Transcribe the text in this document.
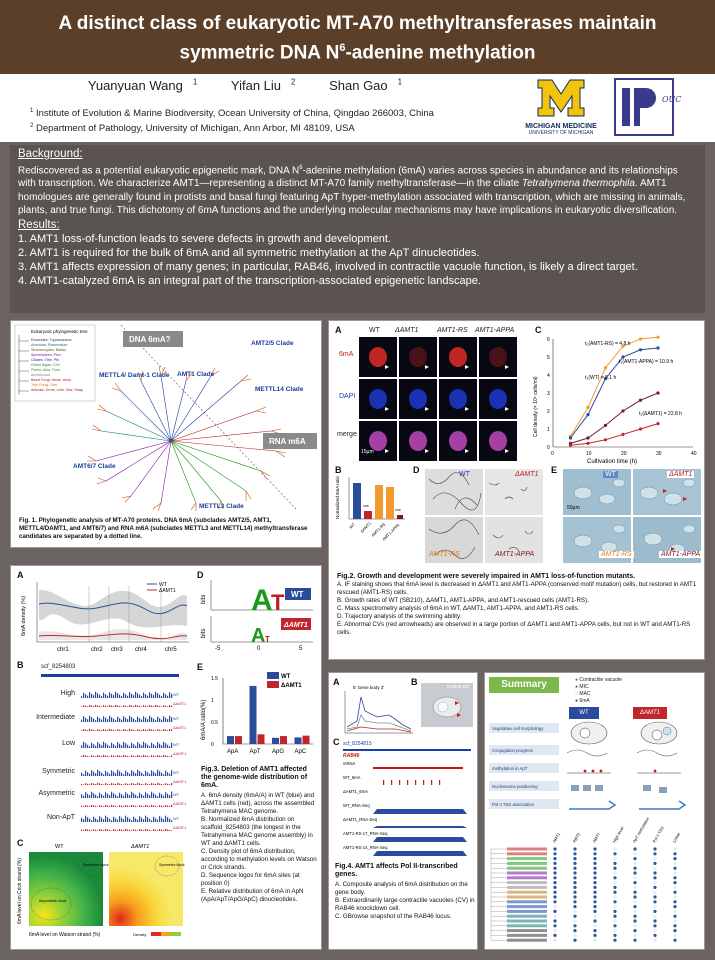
A distinct class of eukaryotic MT-A70 methyltransferases maintain
symmetric DNA $N^6$-adenine methylation
Yuanyuan Wang $^1$	Yifan Liu $^2$	Shan Gao $^1$
$^1$ Institute of Evolution & Marine Biodiversity, Ocean University of China, Qingdao 266003, China
$^2$ Department of Pathology, University of Michigan, Ann Arbor, MI 48109, USA	MICHIGAN MEDICINE
UNIVERSITY OF MICHIGAN
OUC
Background:
Rediscovered as a potential eukaryotic epigenetic mark, DNA $N^6$-adenine methylation (6mA) varies across species in abundance and its relationships with transcription. We characterize AMT1—representing a distinct MT-A70 family methyltransferase—in the ciliate Tetrahymena thermophila. AMT1 homologues are generally found in protists and basal fungi featuring ApT hyper-methylation associated with transcription, which are missing in animals, plants, and true fungi. This dichotomy of 6mA functions and the underlying molecular mechanisms may have implications in eukaryotic diversification.
Results:
1. AMT1 loss-of-function leads to severe defects in growth and development.
2. AMT1 is required for the bulk of 6mA and all symmetric methylation at the ApT dinucleotides.
3. AMT1 affects expression of many genes; in particular, RAB46, involved in contractile vacuole function, is likely a direct target.
4. AMT1-catalyzed 6mA is an integral part of the transcription-associated epigenetic landscape.
Eukaryotic phylogenetic tree
Excavates: Trypanosoma
Alveolata: Plasmodium
Stramenopiles: Blasto.
Apicomplexa: Ptox
Ciliates: Tthe, Pbi
Green Algae: Crei
Plants: Atha, Ppat
Amoebozoa
Basal Fungi: Amac, Asep
True Fungi: Scer
Animals: Drme, Cele, Dmr, Hsap
DNA 6mA?
RNA m6A
AMT1 Clade
AMT2/5 Clade
METTL4/ Damt-1 Clade
METTL14 Clade
AMT6/7 Clade
METTL3 Clade
Fig. 1. Phylogenetic analysis of MT-A70 proteins. DNA 6mA (subclades AMT2/5, AMT1, METTL4/DAMT1, and AMT6/7) and RNA m6A (subclades METTL3 and METTL14) methyltransferase candidates are separated by a dotted line.
A	WT ΔAMT1	AMT1-RS AMT1-APPA
6mA
DAPI
merge
15μm
C
0	10	20	30	40
0
1
2
3
4
5
6
Cultivation time (h)
Cell density (× 10⁵ cells/ml)
t₂(AMT1-RS) = 4.8 h
t₂(AMT1-APPA) = 10.9 h
t₂(WT) = 5.1 h
t₂(ΔAMT1) = 22.8 h
B
Normalized 6mA ratio	***
***
WT ΔAMT1
AMT1-RS
AMT1-APPA
D	WT	ΔAMT1
AMT1-RS	AMT1-APPA
E	WT	ΔAMT1
AMT1-RS	AMT1-APPA
50μm
Fig.2. Growth and development were severely impaired in AMT1 loss-of-function mutants.
A. IF staining shows that 6mA level is decreased in ΔAMT1 and AMT1-APPA (conserved motif mutation) cells, but restored in AMT1 rescued (AMT1-RS) cells.
B. Growth rates of WT (SB210), ΔAMT1, AMT1-APPA, and AMT1-rescued cells (AMT1-RS).
C. Mass spectrometry analysis of 6mA in WT, ΔAMT1, AMT1-APPA, and AMT1-RS cells.
D. Trajectory analysis of the swimming ability.
E. Abnormal CVs (red arrowheads) are observed in a large portion of ΔAMT1 and AMT1-APPA cells, but not in WT and AMT1-RS cells.
A
6mA density (%)
chr1	chr2 chr3 chr4	chr5
WT
ΔAMT1
B	scf_8254803
WT
ΔAMT1
WT
ΔAMT1
WT
ΔAMT1
WT
ΔAMT1
WT
ΔAMT1
WT
ΔAMT1
High
Intermediate
Low
Symmetric
Asymmetric
Non-ApT
C
6mA level on Crick strand (%)
WT	ΔAMT1
Symmetric block
Asymmetric block
Symmetric block
6mA level on Watson strand (%)	Density
D
bits
bits
A
T
A T
WT
ΔAMT1
-5	0	5
E
6mA/A ratio(%)
0
0.5
1
1.5
ApA ApT ApG ApC
WT
ΔAMT1
Fig.3. Deletion of AMT1 affected the genome-wide distribution of 6mA.
A. 6mA density (6mA/A) in WT (blue) and ΔAMT1 cells (red), across the assembled Tetrahymena MAC genome.
B. Normalized 6mA distribution on scaffold_8254803 (the longest in the Tetrahymena MAC genome assembly) in WT and ΔAMT1 cells.
C. Density plot of 6mA distribution, according to methylation levels on Watson or Crick strands.
D. Sequence logos for 6mA sites (at position 0)
E. Relative distribution of 6mA in ApN (ApA/ApT/ApG/ApC) dinucleotides.
A
5' Gene body 3'
B	RAB46-KD
C scf_8254815
RAB46
mRNA
WT_6mA
ΔAMT1_6mA
WT_RNA-Seq
ΔAMT1_RNA-Seq
AMT1-RS-17_RNA-Seq
AMT1-RS-14_RNA-Seq
Fig.4. AMT1 affects Pol II-transcribed genes.
A. Composite analysis of 6mA distribution on the gene body.
B. Extraordinarily large contractile vacuoles (CV) in RAB46 knockdown cell.
C. GBrowse snapshot of the RAB46 locus.
Summary	● Contractile vacuole
● MIC
○ MAC
● 6mA
WT	ΔAMT1
Vegetative cell morphology
Conjugation progress
methylation in ApT
Nucleosome positioning
Pol II TSS association
AMT1	AMT2	AMT7	High level ApT methylation Pol II TSS Linker
